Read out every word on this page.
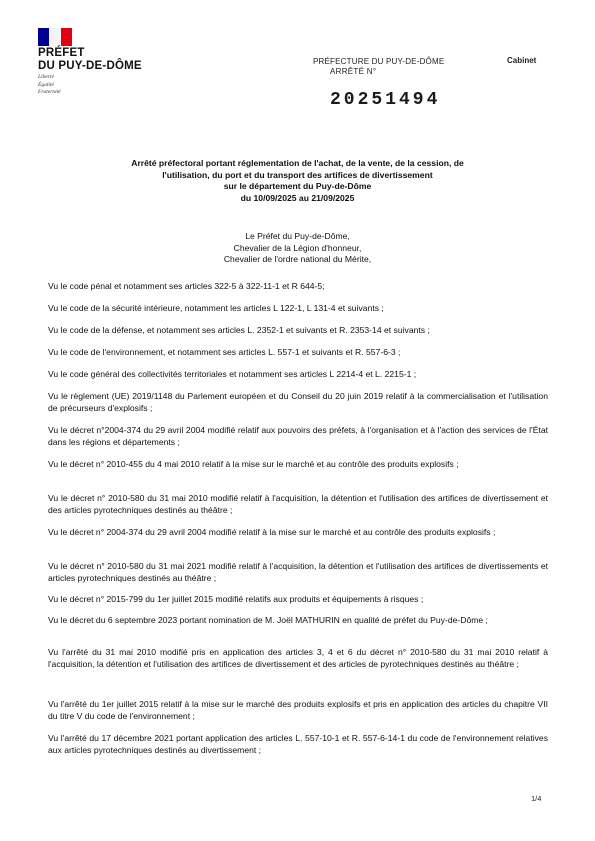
PRÉFET
DU PUY-DE-DÔME
Liberté
Égalité
Fraternité
PRÉFECTURE DU PUY-DE-DÔME
ARRÊTÉ N°
Cabinet
20251494
Arrêté préfectoral portant réglementation de l'achat, de la vente, de la cession, de
l'utilisation, du port et du transport des artifices de divertissement
sur le département du Puy-de-Dôme
du 10/09/2025 au 21/09/2025
Le Préfet du Puy-de-Dôme,
Chevalier de la Légion d'honneur,
Chevalier de l'ordre national du Mérite,
Vu le code pénal et notamment ses articles 322-5 à 322-11-1 et R 644-5;
Vu le code de la sécurité intérieure, notamment les articles L 122-1, L 131-4 et suivants ;
Vu le code de la défense, et notamment ses articles L. 2352-1 et suivants et R. 2353-14 et suivants ;
Vu le code de l'environnement, et notamment ses articles L. 557-1 et suivants et R. 557-6-3 ;
Vu le code général des collectivités territoriales et notamment ses articles L 2214-4 et L. 2215-1 ;
Vu le règlement (UE) 2019/1148 du Parlement européen et du Conseil du 20 juin 2019 relatif à la commercialisation et l'utilisation de précurseurs d'explosifs ;
Vu le décret n°2004-374 du 29 avril 2004 modifié relatif aux pouvoirs des préfets, à l'organisation et à l'action des services de l'État dans les régions et départements ;
Vu le décret n° 2010-455 du 4 mai 2010 relatif à la mise sur le marché et au contrôle des produits explosifs ;
Vu le décret n° 2010-580 du 31 mai 2010 modifié relatif à l'acquisition, la détention et l'utilisation des artifices de divertissement et des articles pyrotechniques destinés au théâtre ;
Vu le décret n° 2004-374 du 29 avril 2004 modifié relatif à la mise sur le marché et au contrôle des produits explosifs ;
Vu le décret n° 2010-580 du 31 mai 2021 modifié relatif à l'acquisition, la détention et l'utilisation des artifices de divertissements et articles pyrotechniques destinés au théâtre ;
Vu le décret n° 2015-799 du 1er juillet 2015 modifié relatifs aux produits et équipements à risques ;
Vu le décret du 6 septembre 2023 portant nomination de M. Joël MATHURIN en qualité de préfet du Puy-de-Dôme ;
Vu l'arrêté du 31 mai 2010 modifié pris en application des articles 3, 4 et 6 du décret n° 2010-580 du 31 mai 2010 relatif à l'acquisition, la détention et l'utilisation des artifices de divertissement et des articles de pyrotechniques destinés au théâtre ;
Vu l'arrêté du 1er juillet 2015 relatif à la mise sur le marché des produits explosifs et pris en application des articles du chapitre VII du titre V du code de l'environnement ;
Vu l'arrêté du 17 décembre 2021 portant application des articles L. 557-10-1 et R. 557-6-14-1 du code de l'environnement relatives aux articles pyrotechniques destinés au divertissement ;
1/4
